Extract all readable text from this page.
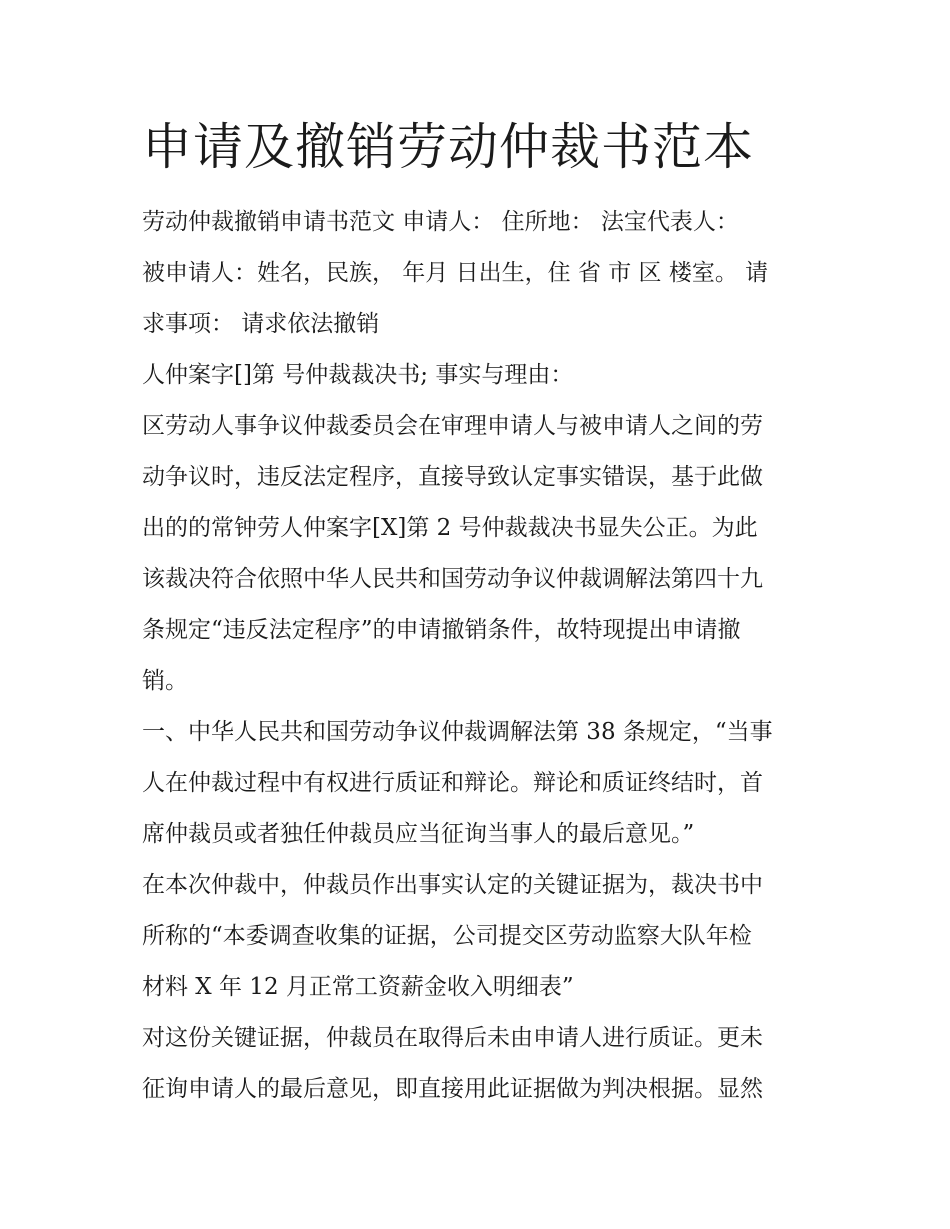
申请及撤销劳动仲裁书范本

劳动仲裁撤销申请书范文 申请人： 住所地： 法宝代表人：

被申请人：姓名，民族， 年月 日出生，住 省 市 区 楼室。 请

求事项： 请求依法撤销

人仲案字[]第 号仲裁裁决书; 事实与理由：

区劳动人事争议仲裁委员会在审理申请人与被申请人之间的劳

动争议时，违反法定程序，直接导致认定事实错误，基于此做

出的的常钟劳人仲案字[X]第 2 号仲裁裁决书显失公正。为此

该裁决符合依照中华人民共和国劳动争议仲裁调解法第四十九

条规定“违反法定程序”的申请撤销条件，故特现提出申请撤

销。

一、中华人民共和国劳动争议仲裁调解法第 38 条规定，“当事

人在仲裁过程中有权进行质证和辩论。辩论和质证终结时，首

席仲裁员或者独任仲裁员应当征询当事人的最后意见。”

在本次仲裁中，仲裁员作出事实认定的关键证据为，裁决书中

所称的“本委调查收集的证据，公司提交区劳动监察大队年检

材料 X 年 12 月正常工资薪金收入明细表”

对这份关键证据，仲裁员在取得后未由申请人进行质证。更未

征询申请人的最后意见，即直接用此证据做为判决根据。显然
